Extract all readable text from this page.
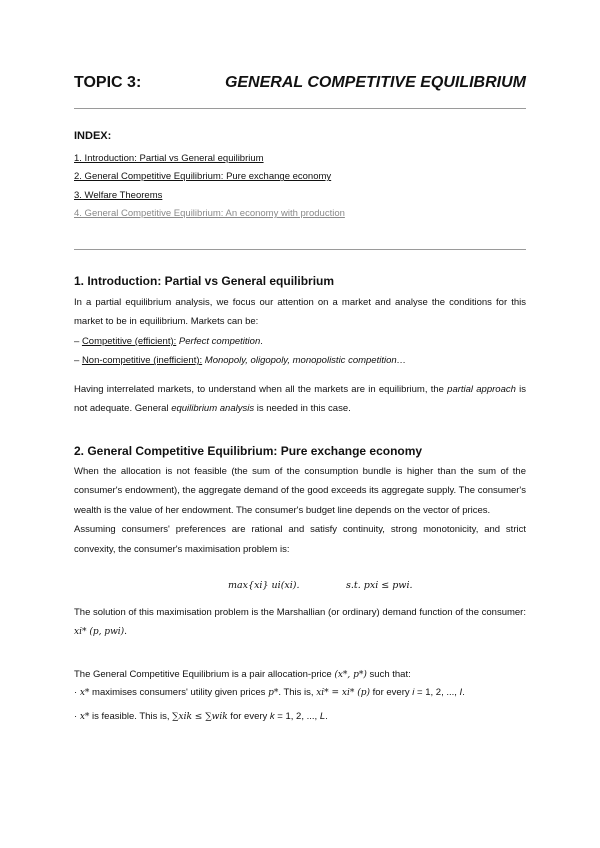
TOPIC 3:	GENERAL COMPETITIVE EQUILIBRIUM
INDEX:
1. Introduction: Partial vs General equilibrium
2. General Competitive Equilibrium: Pure exchange economy
3. Welfare Theorems
4. General Competitive Equilibrium: An economy with production
1. Introduction: Partial vs General equilibrium

In a partial equilibrium analysis, we focus our attention on a market and analyse the conditions for this market to be in equilibrium. Markets can be:

– Competitive (efficient): Perfect competition.

– Non-competitive (inefficient): Monopoly, oligopoly, monopolistic competition…

Having interrelated markets, to understand when all the markets are in equilibrium, the partial approach is not adequate. General equilibrium analysis is needed in this case.

2. General Competitive Equilibrium: Pure exchange economy

When the allocation is not feasible (the sum of the consumption bundle is higher than the sum of the consumer's endowment), the aggregate demand of the good exceeds its aggregate supply. The consumer's wealth is the value of her endowment. The consumer's budget line depends on the vector of prices.

Assuming consumers' preferences are rational and satisfy continuity, strong monotonicity, and strict convexity, the consumer's maximisation problem is:

max{xi} ui(xi).	s.t. pxi ≤ pwi.

The solution of this maximisation problem is the Marshallian (or ordinary) demand function of the consumer: xi* (p, pwi).

The General Competitive Equilibrium is a pair allocation-price (x*, p*) such that:

· x* maximises consumers' utility given prices p*. This is, xi* = xi* (p) for every i = 1, 2, ..., I.
· x* is feasible. This is, ∑xik ≤ ∑wik for every k = 1, 2, ..., L.
